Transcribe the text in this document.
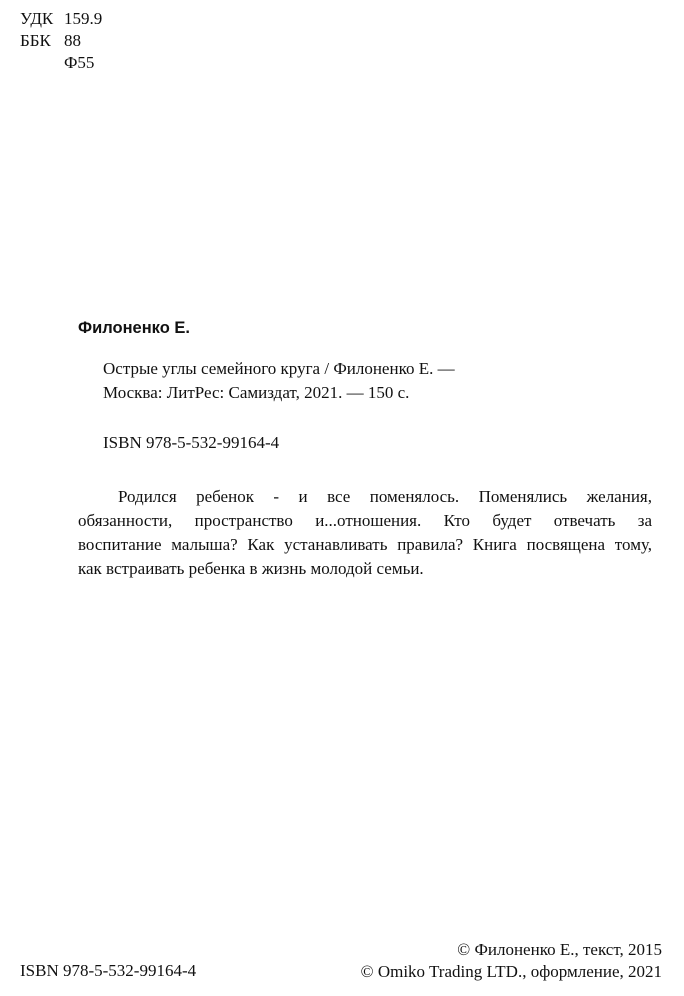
УДК 159.9
ББК 88
Ф55
Филоненко Е.
Острые углы семейного круга / Филоненко Е. —
Москва: ЛитРес: Самиздат, 2021. — 150 с.
ISBN 978-5-532-99164-4
Родился ребенок - и все поменялось. Поменялись желания,
обязанности, пространство и...отношения. Кто будет отвечать за
воспитание малыша? Как устанавливать правила? Книга посвящена тому,
как встраивать ребенка в жизнь молодой семьи.
ISBN 978-5-532-99164-4
© Филоненко Е., текст, 2015
© Omiko Trading LTD., оформление, 2021
